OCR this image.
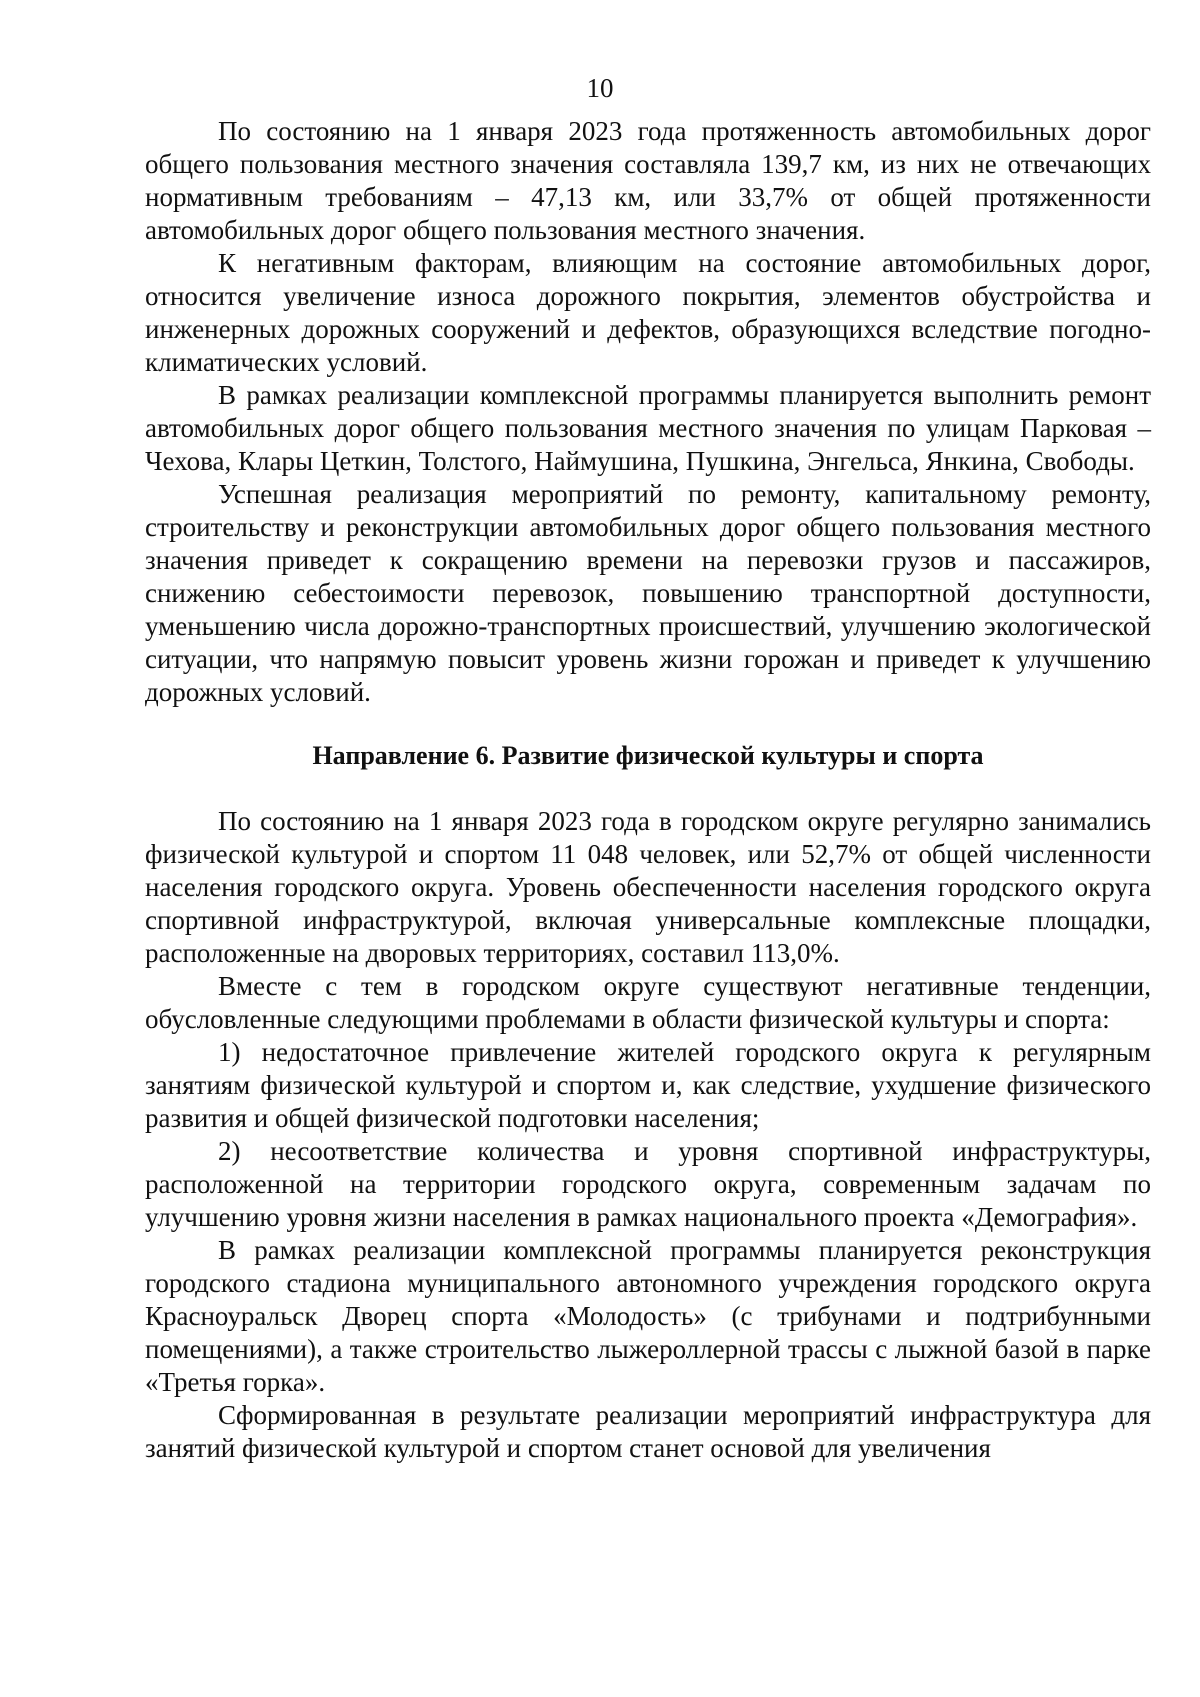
10

По состоянию на 1 января 2023 года протяженность автомобильных дорог общего пользования местного значения составляла 139,7 км, из них не отвечающих нормативным требованиям – 47,13 км, или 33,7% от общей протяженности автомобильных дорог общего пользования местного значения.

К негативным факторам, влияющим на состояние автомобильных дорог, относится увеличение износа дорожного покрытия, элементов обустройства и инженерных дорожных сооружений и дефектов, образующихся вследствие погодно-климатических условий.

В рамках реализации комплексной программы планируется выполнить ремонт автомобильных дорог общего пользования местного значения по улицам Парковая – Чехова, Клары Цеткин, Толстого, Наймушина, Пушкина, Энгельса, Янкина, Свободы.

Успешная реализация мероприятий по ремонту, капитальному ремонту, строительству и реконструкции автомобильных дорог общего пользования местного значения приведет к сокращению времени на перевозки грузов и пассажиров, снижению себестоимости перевозок, повышению транспортной доступности, уменьшению числа дорожно-транспортных происшествий, улучшению экологической ситуации, что напрямую повысит уровень жизни горожан и приведет к улучшению дорожных условий.

Направление 6. Развитие физической культуры и спорта

По состоянию на 1 января 2023 года в городском округе регулярно занимались физической культурой и спортом 11 048 человек, или 52,7% от общей численности населения городского округа. Уровень обеспеченности населения городского округа спортивной инфраструктурой, включая универсальные комплексные площадки, расположенные на дворовых территориях, составил 113,0%.

Вместе с тем в городском округе существуют негативные тенденции, обусловленные следующими проблемами в области физической культуры и спорта:

1) недостаточное привлечение жителей городского округа к регулярным занятиям физической культурой и спортом и, как следствие, ухудшение физического развития и общей физической подготовки населения;

2) несоответствие количества и уровня спортивной инфраструктуры, расположенной на территории городского округа, современным задачам по улучшению уровня жизни населения в рамках национального проекта «Демография».

В рамках реализации комплексной программы планируется реконструкция городского стадиона муниципального автономного учреждения городского округа Красноуральск Дворец спорта «Молодость» (с трибунами и подтрибунными помещениями), а также строительство лыжероллерной трассы с лыжной базой в парке «Третья горка».

Сформированная в результате реализации мероприятий инфраструктура для занятий физической культурой и спортом станет основой для увеличения
